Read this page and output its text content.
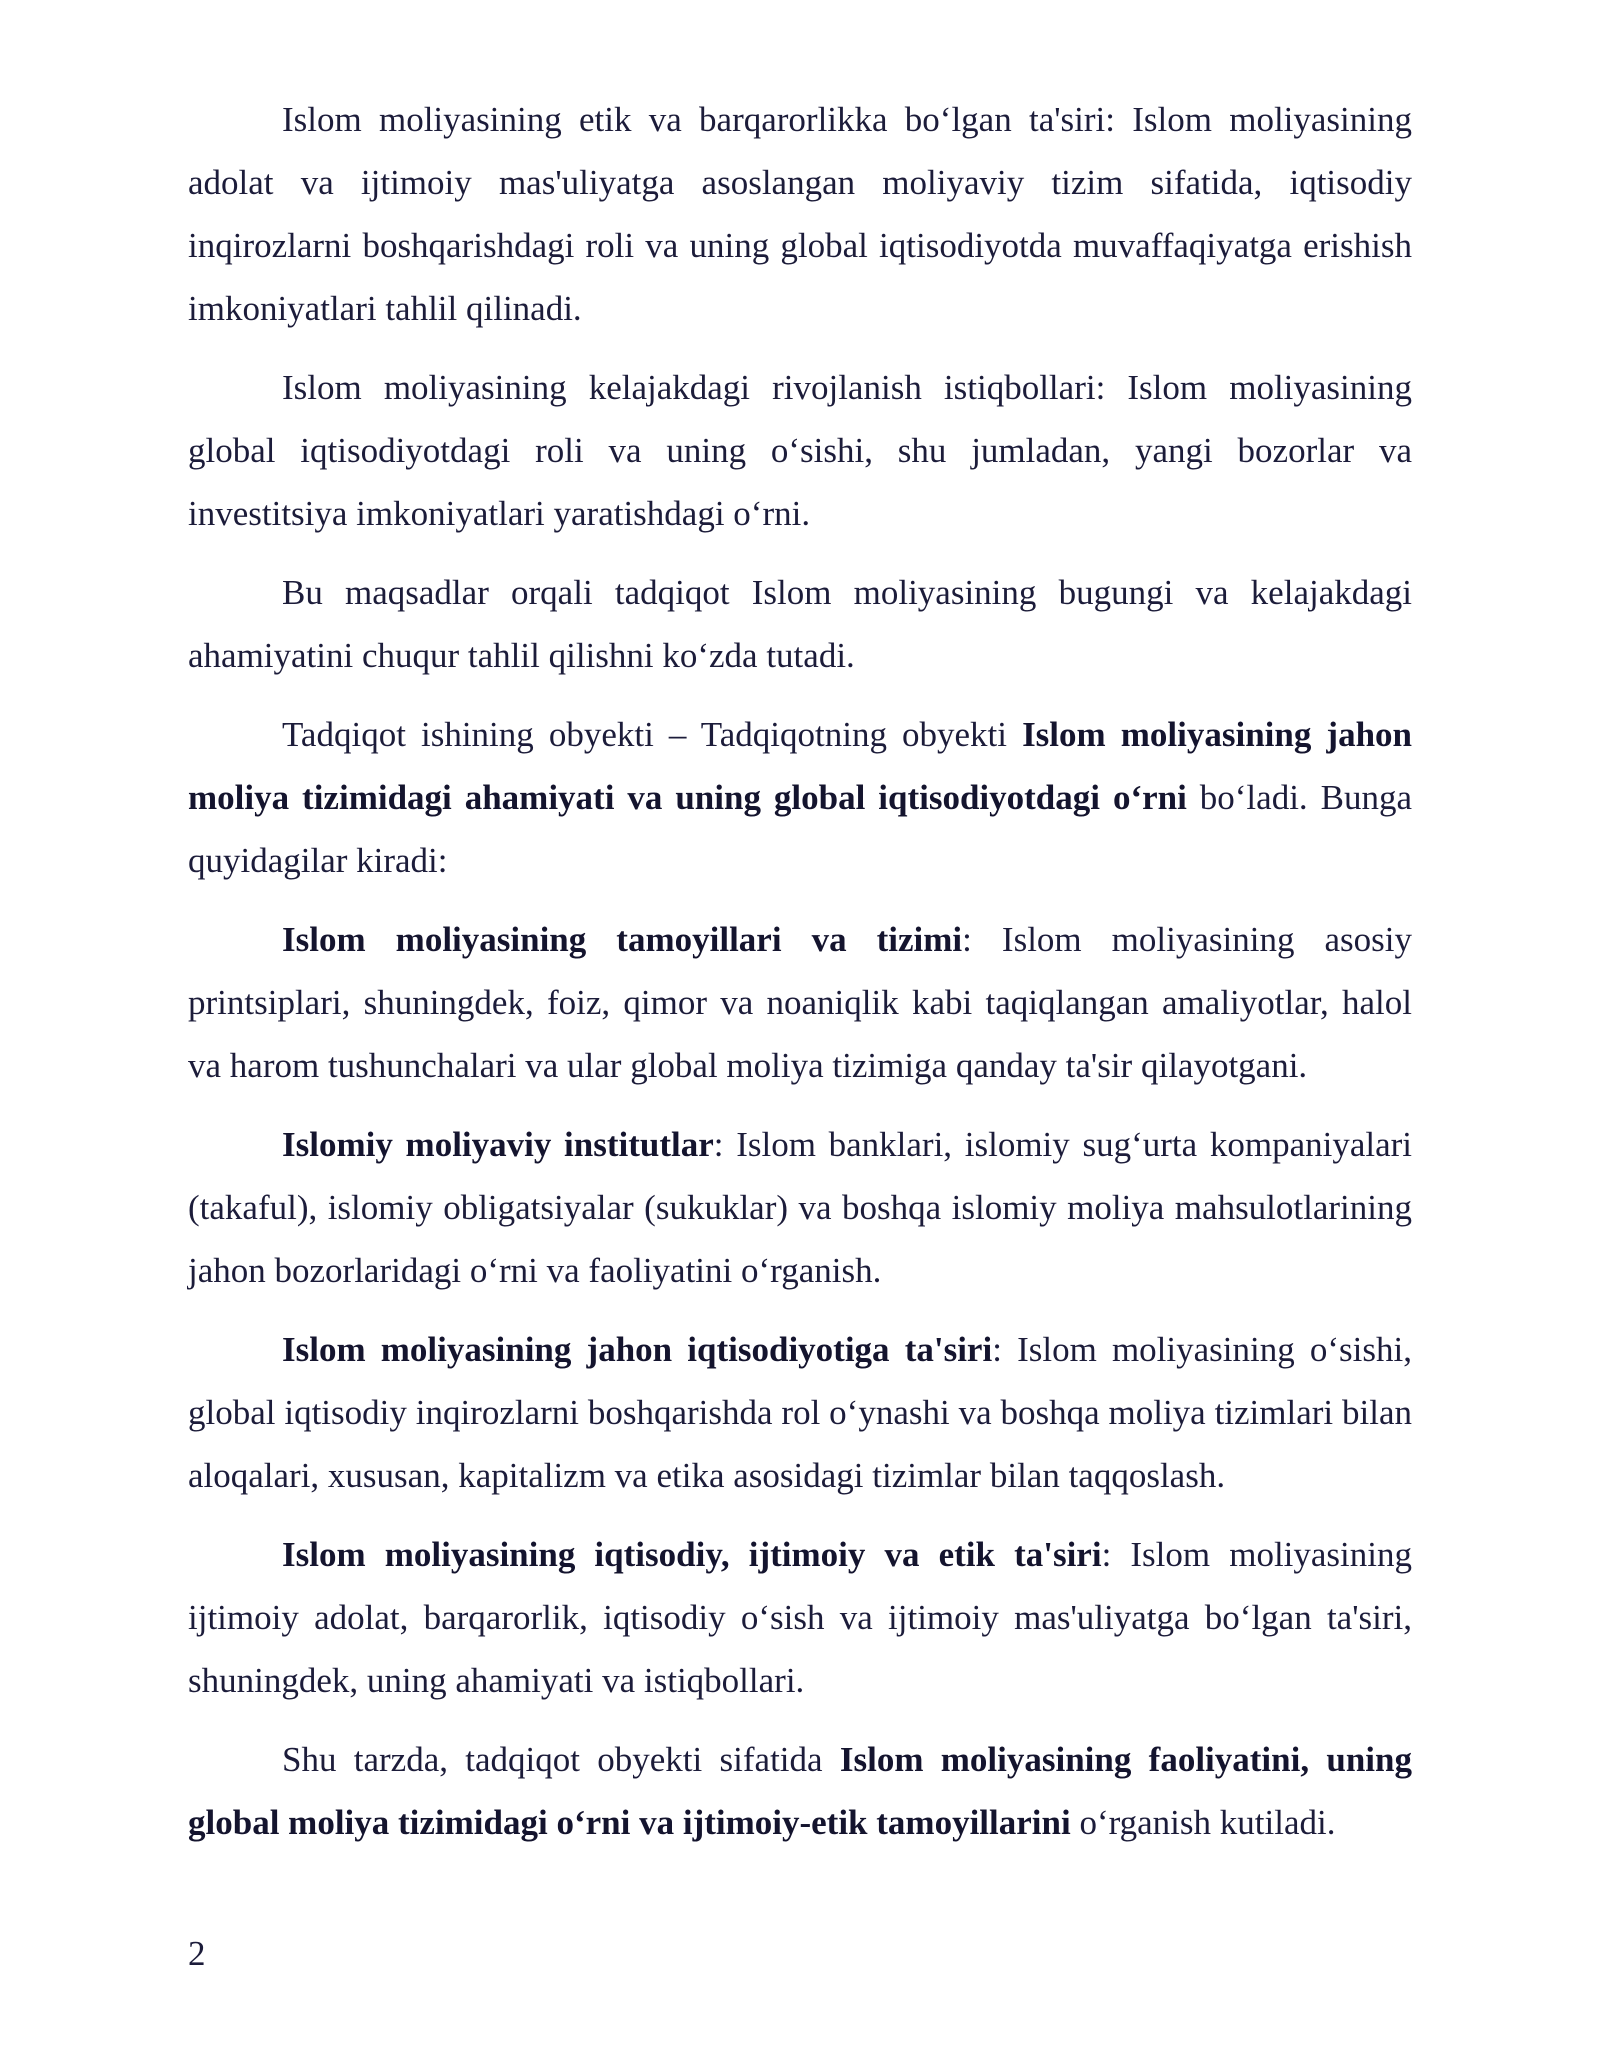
Islom moliyasining etik va barqarorlikka bo‘lgan ta'siri: Islom moliyasining adolat va ijtimoiy mas'uliyatga asoslangan moliyaviy tizim sifatida, iqtisodiy inqirozlarni boshqarishdagi roli va uning global iqtisodiyotda muvaffaqiyatga erishish imkoniyatlari tahlil qilinadi.

Islom moliyasining kelajakdagi rivojlanish istiqbollari: Islom moliyasining global iqtisodiyotdagi roli va uning o‘sishi, shu jumladan, yangi bozorlar va investitsiya imkoniyatlari yaratishdagi o‘rni.

Bu maqsadlar orqali tadqiqot Islom moliyasining bugungi va kelajakdagi ahamiyatini chuqur tahlil qilishni ko‘zda tutadi.

Tadqiqot ishining obyekti – Tadqiqotning obyekti Islom moliyasining jahon moliya tizimidagi ahamiyati va uning global iqtisodiyotdagi o‘rni bo‘ladi. Bunga quyidagilar kiradi:

Islom moliyasining tamoyillari va tizimi: Islom moliyasining asosiy printsiplari, shuningdek, foiz, qimor va noaniqlik kabi taqiqlangan amaliyotlar, halol va harom tushunchalari va ular global moliya tizimiga qanday ta'sir qilayotgani.

Islomiy moliyaviy institutlar: Islom banklari, islomiy sug‘urta kompaniyalari (takaful), islomiy obligatsiyalar (sukuklar) va boshqa islomiy moliya mahsulotlarining jahon bozorlaridagi o‘rni va faoliyatini o‘rganish.

Islom moliyasining jahon iqtisodiyotiga ta'siri: Islom moliyasining o‘sishi, global iqtisodiy inqirozlarni boshqarishda rol o‘ynashi va boshqa moliya tizimlari bilan aloqalari, xususan, kapitalizm va etika asosidagi tizimlar bilan taqqoslash.

Islom moliyasining iqtisodiy, ijtimoiy va etik ta'siri: Islom moliyasining ijtimoiy adolat, barqarorlik, iqtisodiy o‘sish va ijtimoiy mas'uliyatga bo‘lgan ta'siri, shuningdek, uning ahamiyati va istiqbollari.

Shu tarzda, tadqiqot obyekti sifatida Islom moliyasining faoliyatini, uning global moliya tizimidagi o‘rni va ijtimoiy-etik tamoyillarini o‘rganish kutiladi.

2
